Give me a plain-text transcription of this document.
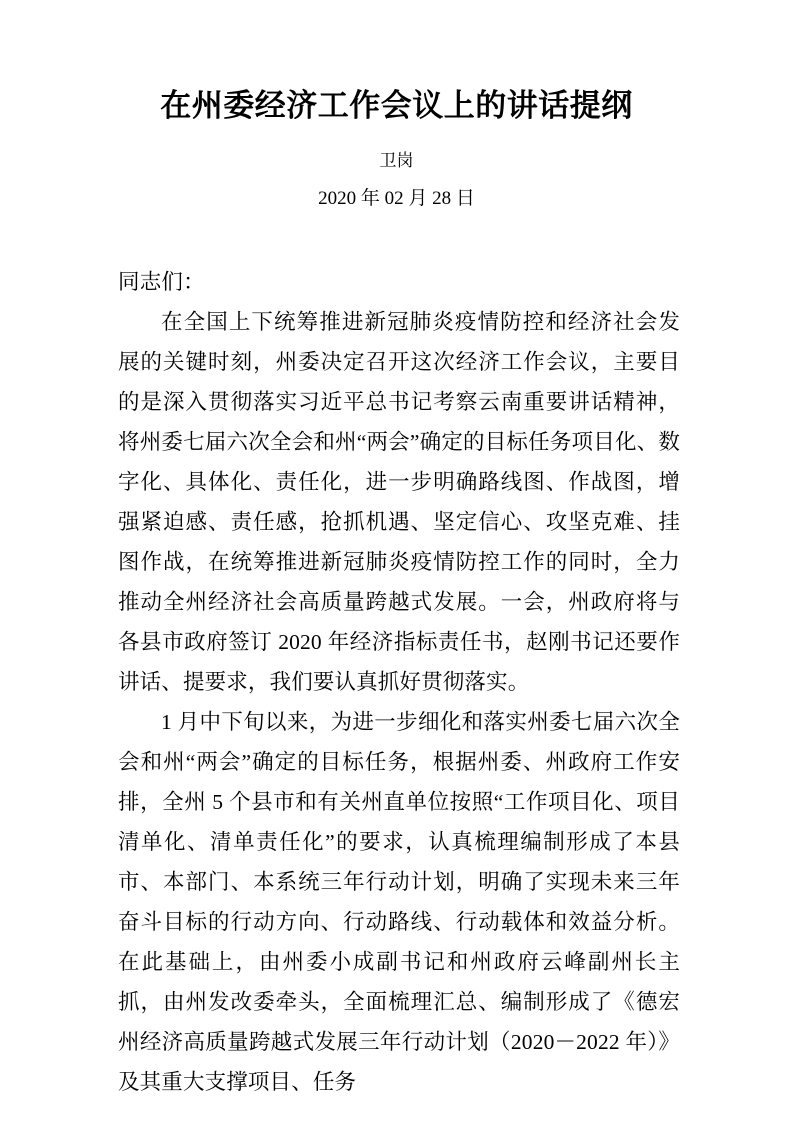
在州委经济工作会议上的讲话提纲
卫岗
2020 年 02 月 28 日

同志们：

在全国上下统筹推进新冠肺炎疫情防控和经济社会发展的关键时刻，州委决定召开这次经济工作会议，主要目的是深入贯彻落实习近平总书记考察云南重要讲话精神，将州委七届六次全会和州“两会”确定的目标任务项目化、数字化、具体化、责任化，进一步明确路线图、作战图，增强紧迫感、责任感，抢抓机遇、坚定信心、攻坚克难、挂图作战，在统筹推进新冠肺炎疫情防控工作的同时，全力推动全州经济社会高质量跨越式发展。一会，州政府将与各县市政府签订 2020 年经济指标责任书，赵刚书记还要作讲话、提要求，我们要认真抓好贯彻落实。

1 月中下旬以来，为进一步细化和落实州委七届六次全会和州“两会”确定的目标任务，根据州委、州政府工作安排，全州 5 个县市和有关州直单位按照“工作项目化、项目清单化、清单责任化”的要求，认真梳理编制形成了本县市、本部门、本系统三年行动计划，明确了实现未来三年奋斗目标的行动方向、行动路线、行动载体和效益分析。在此基础上，由州委小成副书记和州政府云峰副州长主抓，由州发改委牵头，全面梳理汇总、编制形成了《德宏州经济高质量跨越式发展三年行动计划（2020－2022 年）》及其重大支撑项目、任务
